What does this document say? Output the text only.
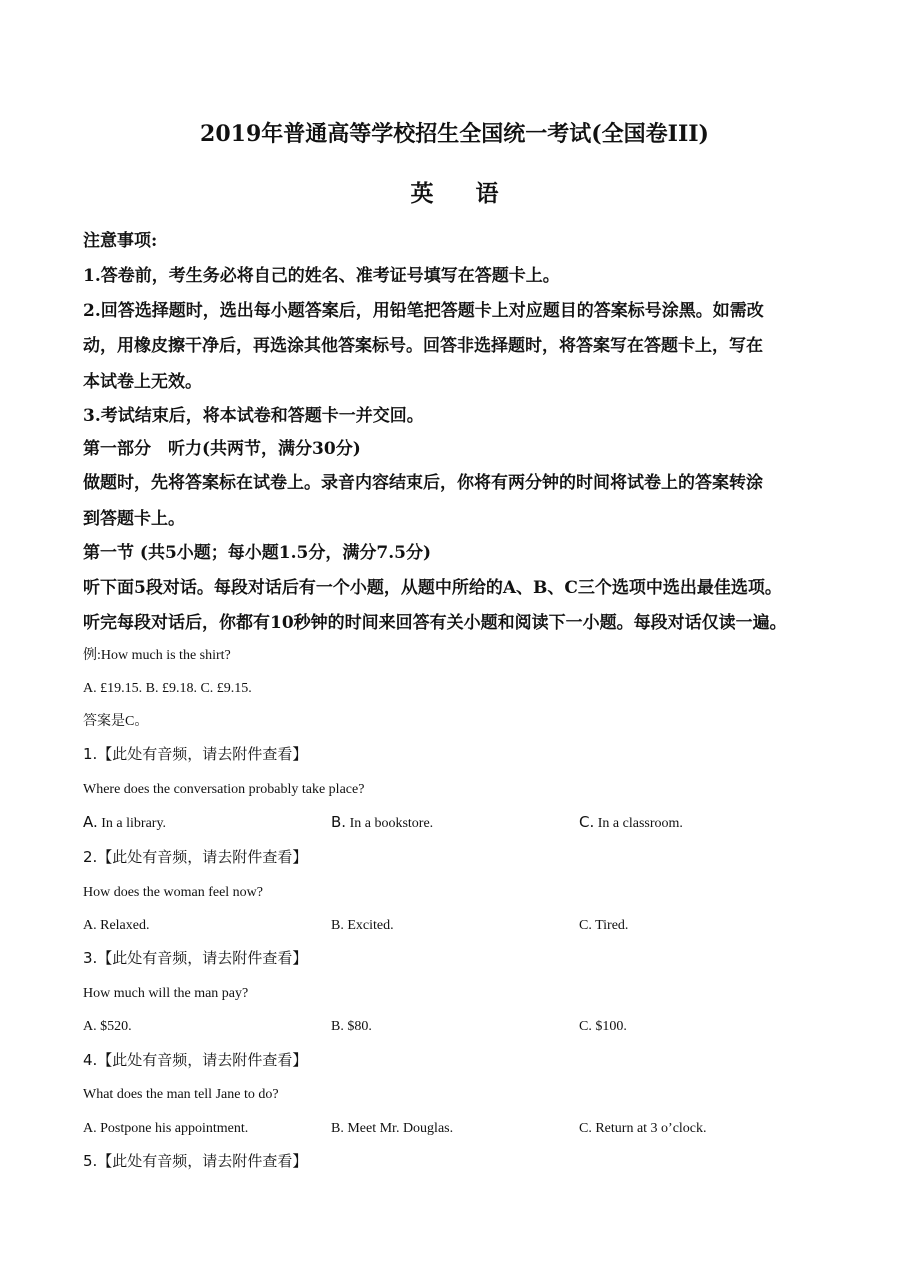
2019年普通高等学校招生全国统一考试(全国卷III)
英语
注意事项:
1.答卷前，考生务必将自己的姓名、准考证号填写在答题卡上。
2.回答选择题时，选出每小题答案后，用铅笔把答题卡上对应题目的答案标号涂黑。如需改
动，用橡皮擦干净后，再选涂其他答案标号。回答非选择题时，将答案写在答题卡上，写在
本试卷上无效。
3.考试结束后，将本试卷和答题卡一并交回。
第一部分　听力(共两节，满分30分)
做题时，先将答案标在试卷上。录音内容结束后，你将有两分钟的时间将试卷上的答案转涂
到答题卡上。
第一节 (共5小题；每小题1.5分，满分7.5分)
听下面5段对话。每段对话后有一个小题，从题中所给的A、B、C三个选项中选出最佳选项。
听完每段对话后，你都有10秒钟的时间来回答有关小题和阅读下一小题。每段对话仅读一遍。
例:How much is the shirt?
A. £19.15. B. £9.18. C. £9.15.
答案是C。
1.【此处有音频，请去附件查看】
Where does the conversation probably take place?
A. In a library.	B. In a bookstore.	C. In a classroom.
2.【此处有音频，请去附件查看】
How does the woman feel now?
A. Relaxed.	B. Excited.	C. Tired.
3.【此处有音频，请去附件查看】
How much will the man pay?
A. $520.	B. $80.	C. $100.
4.【此处有音频，请去附件查看】
What does the man tell Jane to do?
A. Postpone his appointment.	B. Meet Mr. Douglas.	C. Return at 3 o’clock.
5.【此处有音频，请去附件查看】
